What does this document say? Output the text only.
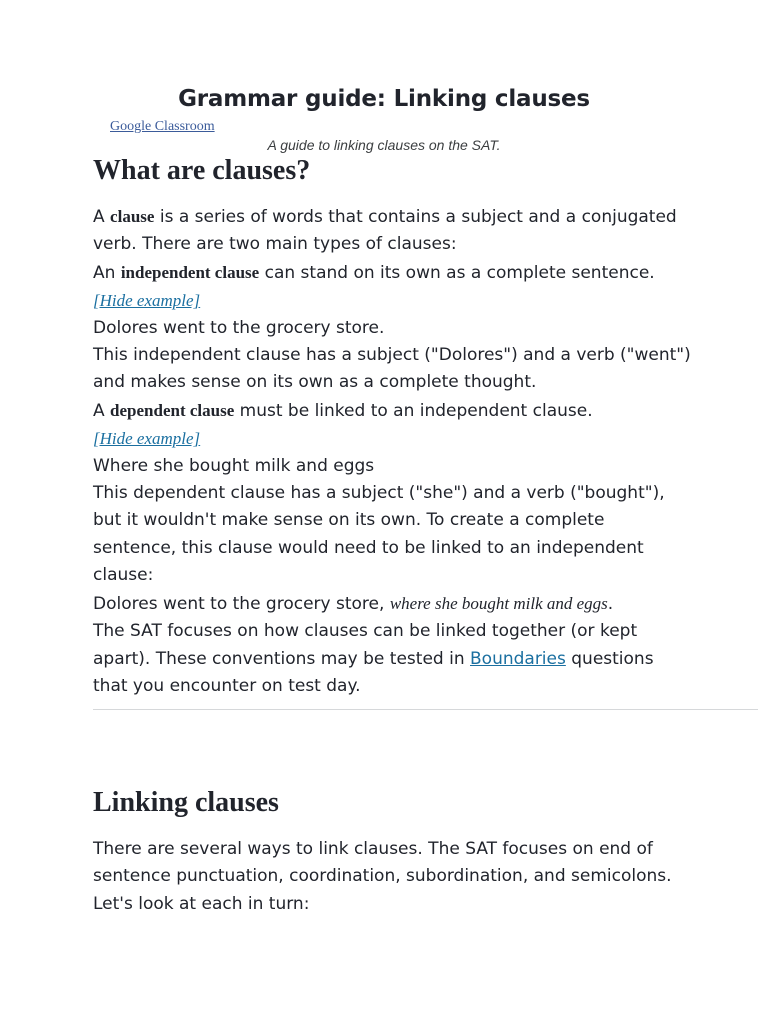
Grammar guide: Linking clauses
Google Classroom
A guide to linking clauses on the SAT.
What are clauses?

A clause is a series of words that contains a subject and a conjugated verb. There are two main types of clauses:

An independent clause can stand on its own as a complete sentence.

[Hide example]

Dolores went to the grocery store.

This independent clause has a subject ("Dolores") and a verb ("went") and makes sense on its own as a complete thought.

A dependent clause must be linked to an independent clause.

[Hide example]

Where she bought milk and eggs

This dependent clause has a subject ("she") and a verb ("bought"), but it wouldn't make sense on its own. To create a complete sentence, this clause would need to be linked to an independent clause:

Dolores went to the grocery store, where she bought milk and eggs.

The SAT focuses on how clauses can be linked together (or kept apart). These conventions may be tested in Boundaries questions that you encounter on test day.

Linking clauses

There are several ways to link clauses. The SAT focuses on end of sentence punctuation, coordination, subordination, and semicolons. Let's look at each in turn:
